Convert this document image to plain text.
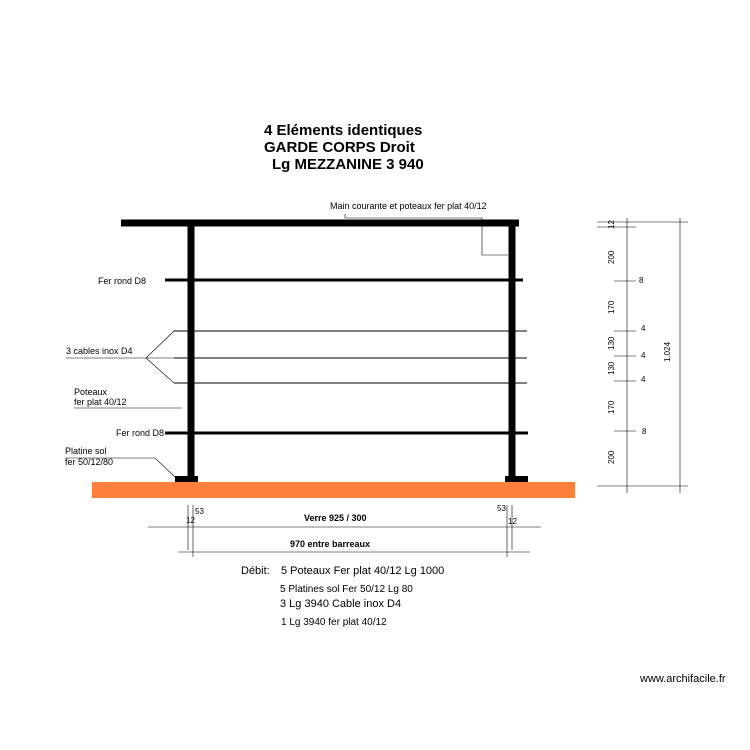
4 Eléments identiques
GARDE CORPS Droit
Lg MEZZANINE 3 940
Main courante et poteaux fer plat 40/12
Fer rond D8
3 cables inox D4
Poteaux
fer plat 40/12
Fer rond D8
Platine sol
fer 50/12/80
53
12
53
12
Verre 925 / 300
970 entre barreaux
12
200
8
170
4
130
4
130
4
170
8
200
1.024
Débit: 5 Poteaux Fer plat 40/12 Lg 1000
5 Platines sol Fer 50/12 Lg 80
3 Lg 3940 Cable inox D4
1 Lg 3940 fer plat 40/12
www.archifacile.fr
